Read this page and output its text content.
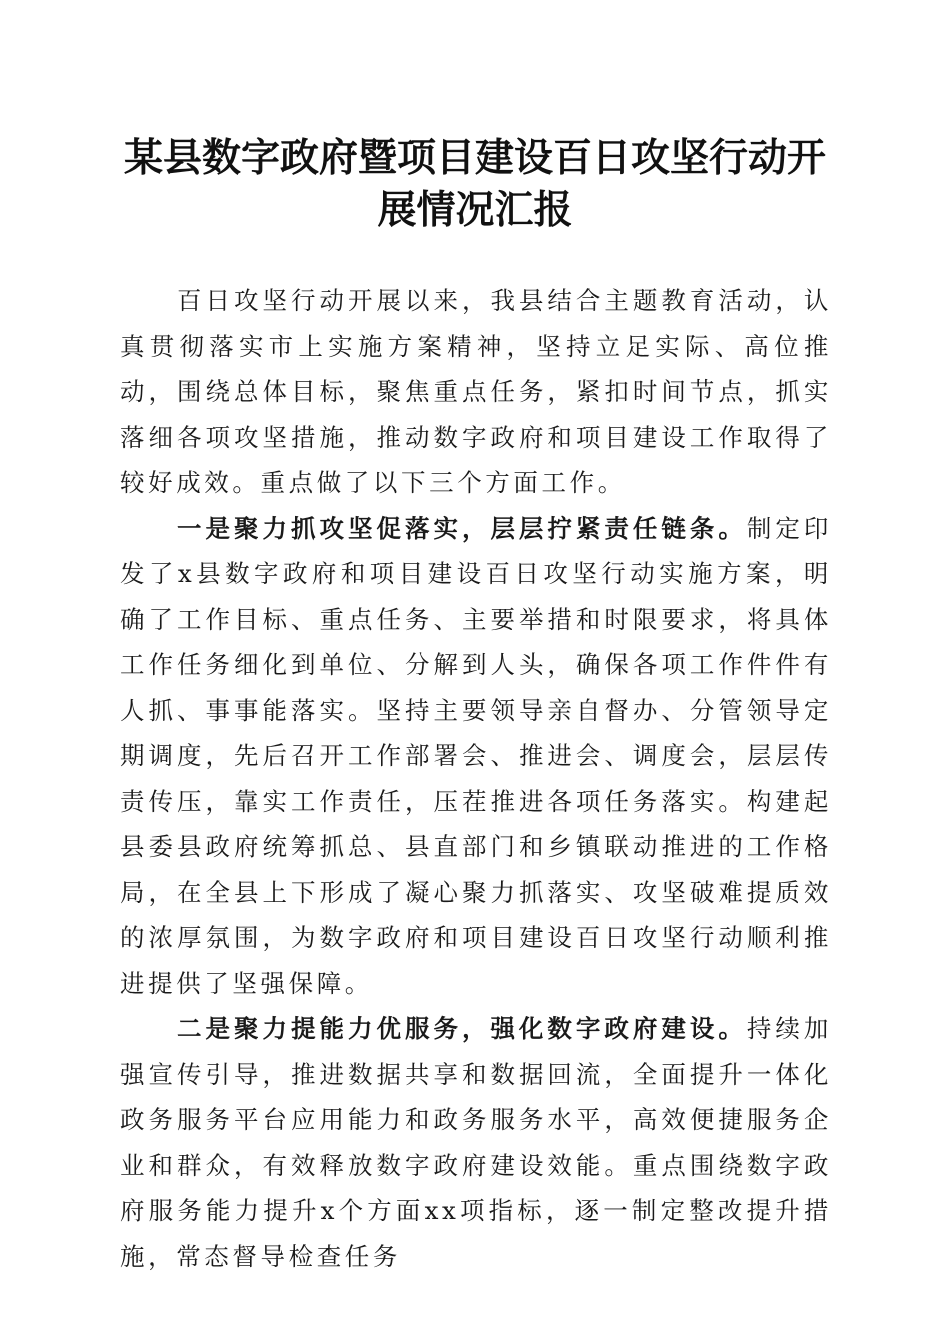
某县数字政府暨项目建设百日攻坚行动开展情况汇报

百日攻坚行动开展以来，我县结合主题教育活动，认真贯彻落实市上实施方案精神，坚持立足实际、高位推动，围绕总体目标，聚焦重点任务，紧扣时间节点，抓实落细各项攻坚措施，推动数字政府和项目建设工作取得了较好成效。重点做了以下三个方面工作。

一是聚力抓攻坚促落实，层层拧紧责任链条。制定印发了x县数字政府和项目建设百日攻坚行动实施方案，明确了工作目标、重点任务、主要举措和时限要求，将具体工作任务细化到单位、分解到人头，确保各项工作件件有人抓、事事能落实。坚持主要领导亲自督办、分管领导定期调度，先后召开工作部署会、推进会、调度会，层层传责传压，靠实工作责任，压茬推进各项任务落实。构建起县委县政府统筹抓总、县直部门和乡镇联动推进的工作格局，在全县上下形成了凝心聚力抓落实、攻坚破难提质效的浓厚氛围，为数字政府和项目建设百日攻坚行动顺利推进提供了坚强保障。

二是聚力提能力优服务，强化数字政府建设。持续加强宣传引导，推进数据共享和数据回流，全面提升一体化政务服务平台应用能力和政务服务水平，高效便捷服务企业和群众，有效释放数字政府建设效能。重点围绕数字政府服务能力提升x个方面xx项指标，逐一制定整改提升措施，常态督导检查任务
